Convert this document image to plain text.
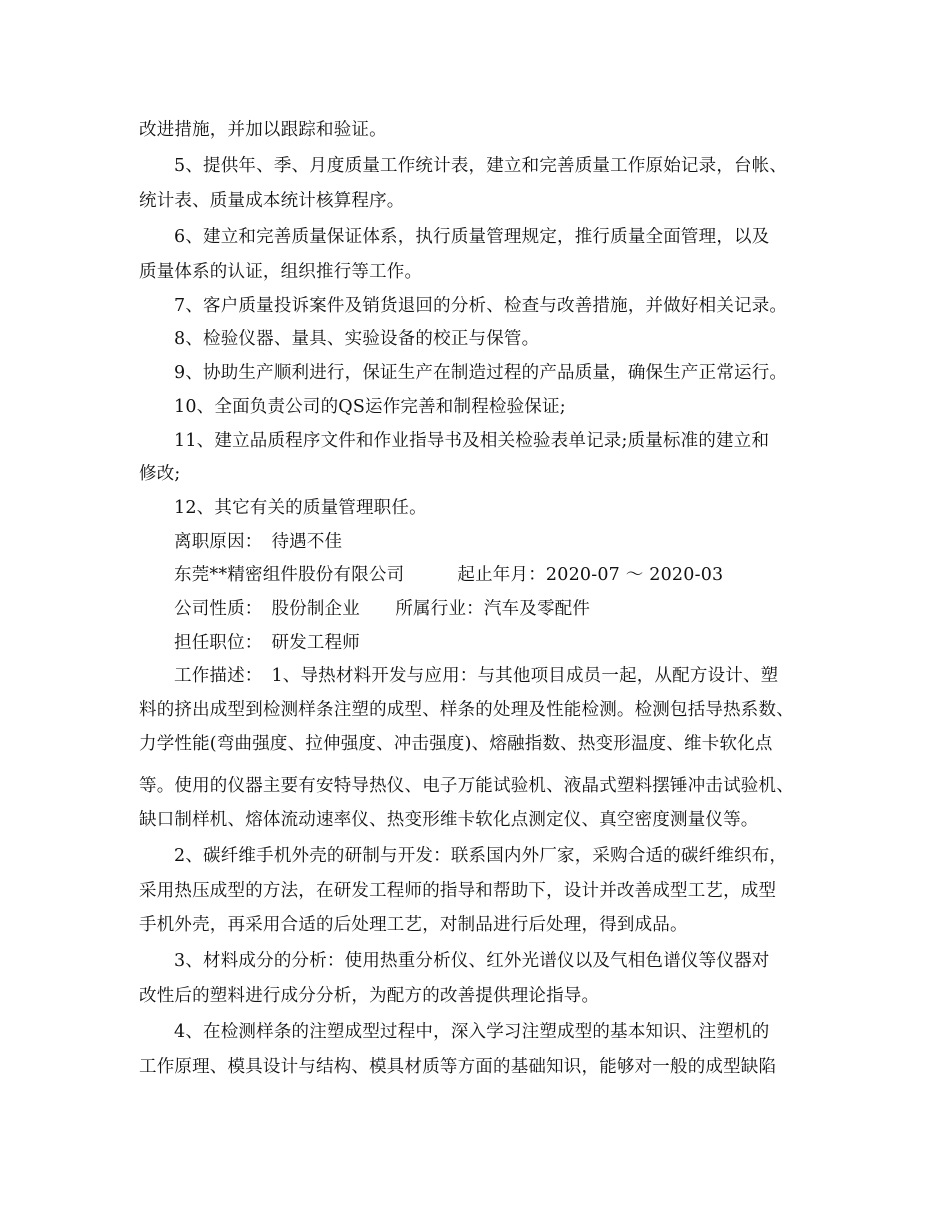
改进措施，并加以跟踪和验证。
5、提供年、季、月度质量工作统计表，建立和完善质量工作原始记录，台帐、
统计表、质量成本统计核算程序。
6、建立和完善质量保证体系，执行质量管理规定，推行质量全面管理，以及
质量体系的认证，组织推行等工作。
7、客户质量投诉案件及销货退回的分析、检查与改善措施，并做好相关记录。
8、检验仪器、量具、实验设备的校正与保管。
9、协助生产顺利进行，保证生产在制造过程的产品质量，确保生产正常运行。
10、全面负责公司的QS运作完善和制程检验保证;
11、建立品质程序文件和作业指导书及相关检验表单记录;质量标准的建立和
修改;
12、其它有关的质量管理职任。
离职原因：　待遇不佳
东莞**精密组件股份有限公司　　　起止年月：2020-07 ～ 2020-03
公司性质：　股份制企业　　所属行业：汽车及零配件
担任职位：　研发工程师
工作描述：　1、导热材料开发与应用：与其他项目成员一起，从配方设计、塑
料的挤出成型到检测样条注塑的成型、样条的处理及性能检测。检测包括导热系数、
力学性能(弯曲强度、拉伸强度、冲击强度)、熔融指数、热变形温度、维卡软化点
等。使用的仪器主要有安特导热仪、电子万能试验机、液晶式塑料摆锤冲击试验机、
缺口制样机、熔体流动速率仪、热变形维卡软化点测定仪、真空密度测量仪等。
2、碳纤维手机外壳的研制与开发：联系国内外厂家，采购合适的碳纤维织布，
采用热压成型的方法，在研发工程师的指导和帮助下，设计并改善成型工艺，成型
手机外壳，再采用合适的后处理工艺，对制品进行后处理，得到成品。
3、材料成分的分析：使用热重分析仪、红外光谱仪以及气相色谱仪等仪器对
改性后的塑料进行成分分析，为配方的改善提供理论指导。
4、在检测样条的注塑成型过程中，深入学习注塑成型的基本知识、注塑机的
工作原理、模具设计与结构、模具材质等方面的基础知识，能够对一般的成型缺陷
